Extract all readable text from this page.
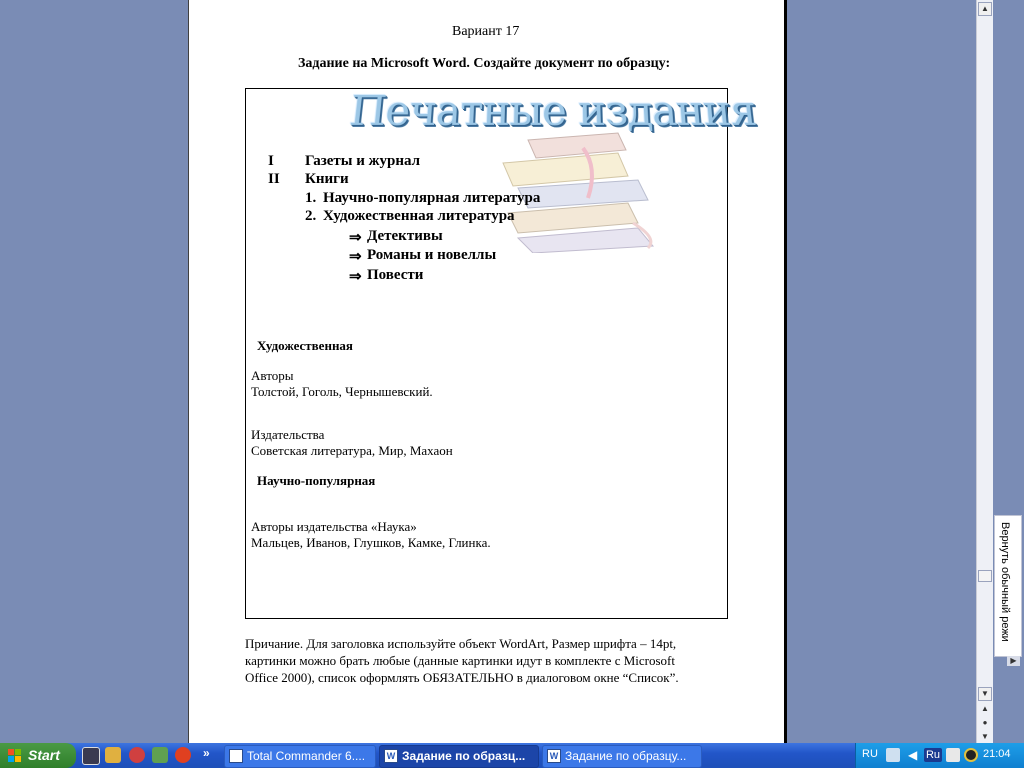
Вариант 17
Задание на Microsoft Word. Создайте документ по образцу:
Печатные издания
I Газеты и журнал
II Книги
1. Научно-популярная литература
2. Художественная литература
⇒ Детективы
⇒ Романы и новеллы
⇒ Повести
Художественная
Авторы
Толстой, Гоголь, Чернышевский.
Издательства
Советская литература, Мир, Махаон
Научно-популярная
Авторы издательства «Наука»
Мальцев, Иванов, Глушков, Камке, Глинка.
Причание. Для заголовка используйте объект WordArt, Размер шрифта – 14pt,
картинки можно брать любые (данные картинки идут в комплекте с Microsoft
Office 2000), список оформлять ОБЯЗАТЕЛЬНО в диалоговом окне “Список”.
▲
▼
▲
●
▼
Вернуть обычный режи
▶
Start	»	Total Commander 6....	W Задание по образц...	W Задание по образцу...	RU	◀ Ru	21:04
